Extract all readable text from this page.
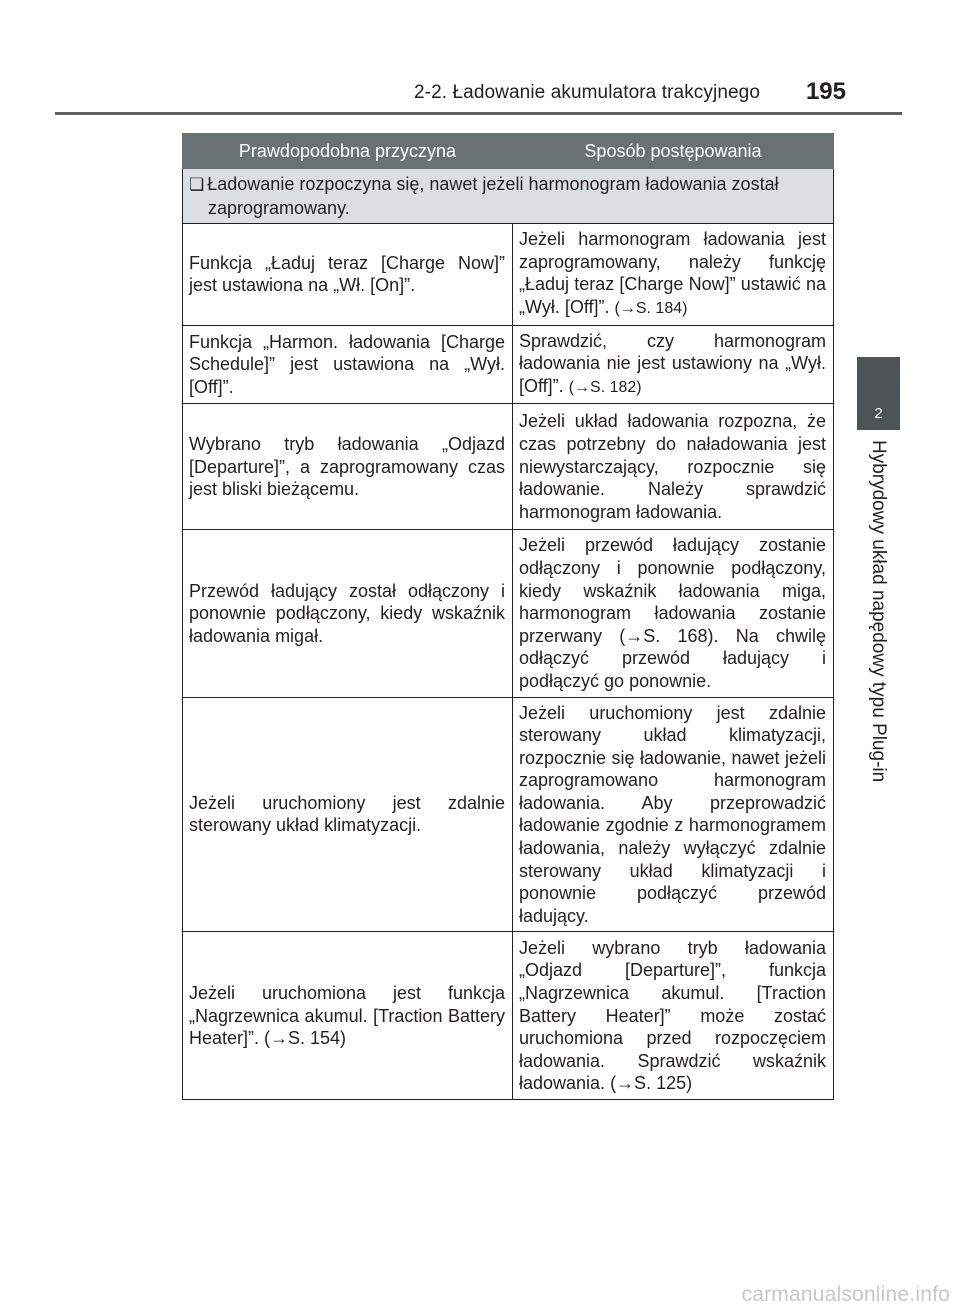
2-2. Ładowanie akumulatora trakcyjnego 195
2
Hybrydowy układ napędowy typu Plug-in
Prawdopodobna przyczyna	Sposób postępowania
❏ Ładowanie rozpoczyna się, nawet jeżeli harmonogram ładowania został
zaprogramowany.	

Funkcja „Ładuj teraz [Charge Now]” jest ustawiona na „Wł. [On]”.	Jeżeli harmonogram ładowania jest zaprogramowany, należy funkcję „Ładuj teraz [Charge Now]” ustawić na „Wył. [Off]”. (→S. 184)
Funkcja „Harmon. ładowania [Charge Schedule]” jest ustawiona na „Wył. [Off]”.	Sprawdzić, czy harmonogram ładowania nie jest ustawiony na „Wył. [Off]”. (→S. 182)
Wybrano tryb ładowania „Odjazd [Departure]”, a zaprogramowany czas jest bliski bieżącemu.	Jeżeli układ ładowania rozpozna, że czas potrzebny do naładowania jest niewystarczający, rozpocznie się ładowanie. Należy sprawdzić harmonogram ładowania.
Przewód ładujący został odłączony i ponownie podłączony, kiedy wskaźnik ładowania migał.	Jeżeli przewód ładujący zostanie odłączony i ponownie podłączony, kiedy wskaźnik ładowania miga, harmonogram ładowania zostanie przerwany (→S. 168). Na chwilę odłączyć przewód ładujący i podłączyć go ponownie.
Jeżeli uruchomiony jest zdalnie sterowany układ klimatyzacji.	Jeżeli uruchomiony jest zdalnie sterowany układ klimatyzacji, rozpocznie się ładowanie, nawet jeżeli zaprogramowano harmonogram ładowania. Aby przeprowadzić ładowanie zgodnie z harmonogramem ładowania, należy wyłączyć zdalnie sterowany układ klimatyzacji i ponownie podłączyć przewód ładujący.
Jeżeli uruchomiona jest funkcja „Nagrzewnica akumul. [Traction Battery Heater]”. (→S. 154)	Jeżeli wybrano tryb ładowania „Odjazd [Departure]”, funkcja „Nagrzewnica akumul. [Traction Battery Heater]” może zostać uruchomiona przed rozpoczęciem ładowania. Sprawdzić wskaźnik ładowania. (→S. 125)
carmanualsonline.info
